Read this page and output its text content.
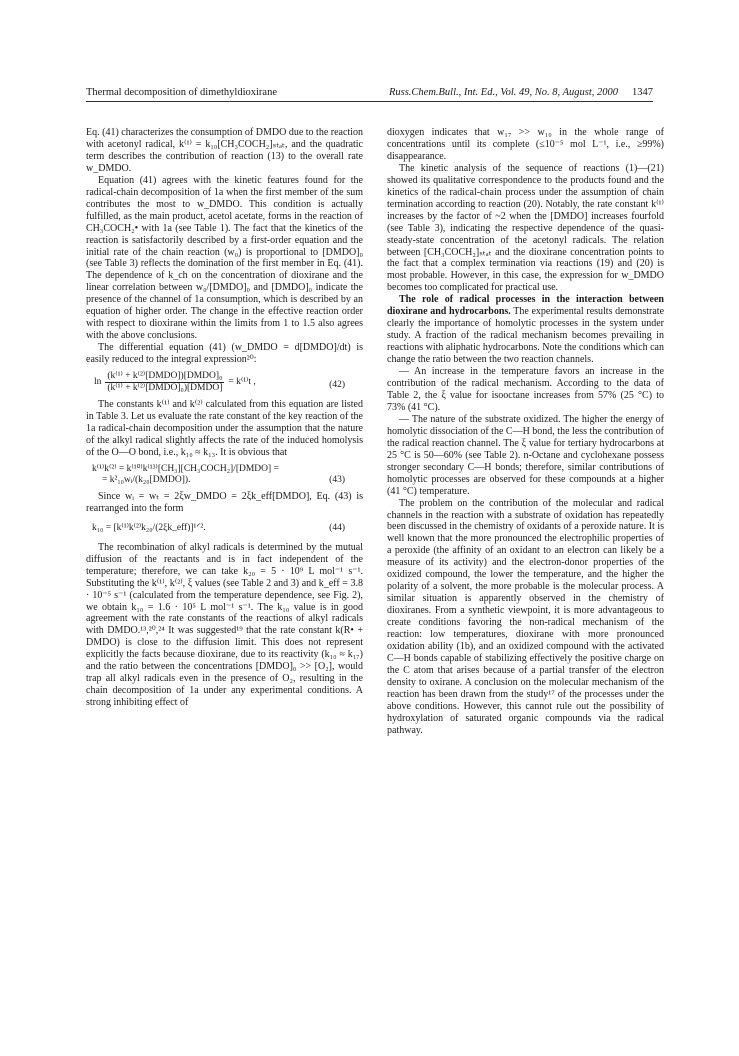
Thermal decomposition of dimethyldioxirane	Russ.Chem.Bull., Int. Ed., Vol. 49, No. 8, August, 2000 1347

Eq. (41) characterizes the consumption of DMDO due to the reaction with acetonyl radical, k⁽¹⁾ = k₁₀[CH₃COCH₂]ₛₜₐₜ, and the quadratic term describes the contribution of reaction (13) to the overall rate w_DMDO.

Equation (41) agrees with the kinetic features found for the radical-chain decomposition of 1a when the first member of the sum contributes the most to w_DMDO. This condition is actually fulfilled, as the main product, acetol acetate, forms in the reaction of CH₃COCH₂• with 1a (see Table 1). The fact that the kinetics of the reaction is satisfactorily described by a first-order equation and the initial rate of the chain reaction (w₀) is proportional to [DMDO]₀ (see Table 3) reflects the domination of the first member in Eq. (41). The dependence of k_ch on the concentration of dioxirane and the linear correlation between w₀/[DMDO]₀ and [DMDO]₀ indicate the presence of the channel of 1a consumption, which is described by an equation of higher order. The change in the effective reaction order with respect to dioxirane within the limits from 1 to 1.5 also agrees with the above conclusions.

The differential equation (41) (w_DMDO = d[DMDO]/dt) is easily reduced to the integral expression²⁰:

$\ln \frac{\text{(k⁽¹⁾ + k⁽²⁾[DMDO])[DMDO]₀}}{\text{(k⁽¹⁾ + k⁽²⁾[DMDO]₀)[DMDO]}} = k^{(1)}t$ ,	(42)

The constants k⁽¹⁾ and k⁽²⁾ calculated from this equation are listed in Table 3. Let us evaluate the rate constant of the key reaction of the 1a radical-chain decomposition under the assumption that the nature of the alkyl radical slightly affects the rate of the induced homolysis of the O—O bond, i.e., k₁₀ ≈ k₁₃. It is obvious that

k⁽¹⁾k⁽²⁾ = k⁽¹⁰⁾k⁽¹³⁾[CH₃][CH₃COCH₂]/[DMDO] =
= k²₁₀wᵢ/(k₂₀[DMDO]).	(43)

Since wᵢ = wₜ = 2ξw_DMDO = 2ξk_eff[DMDO], Eq. (43) is rearranged into the form

k₁₀ = [k⁽¹⁾k⁽²⁾k₂₀/(2ξk_eff)]¹ᐟ².	(44)

The recombination of alkyl radicals is determined by the mutual diffusion of the reactants and is in fact independent of the temperature; therefore, we can take k₂₀ = 5 · 10⁹ L mol⁻¹ s⁻¹. Substituting the k⁽¹⁾, k⁽²⁾, ξ values (see Table 2 and 3) and k_eff = 3.8 · 10⁻⁵ s⁻¹ (calculated from the temperature dependence, see Fig. 2), we obtain k₁₀ = 1.6 · 10⁵ L mol⁻¹ s⁻¹. The k₁₀ value is in good agreement with the rate constants of the reactions of alkyl radicals with DMDO.¹³,²⁰,²⁴ It was suggested¹⁹ that the rate constant k(R• + DMDO) is close to the diffusion limit. This does not represent explicitly the facts because dioxirane, due to its reactivity (k₁₀ ≈ k₁₇) and the ratio between the concentrations [DMDO]₀ >> [O₂], would trap all alkyl radicals even in the presence of O₂, resulting in the chain decomposition of 1a under any experimental conditions. A strong inhibiting effect of

dioxygen indicates that w₁₇ >> w₁₀ in the whole range of concentrations until its complete (≤10⁻⁵ mol L⁻¹, i.e., ≥99%) disappearance.

The kinetic analysis of the sequence of reactions (1)—(21) showed its qualitative correspondence to the products found and the kinetics of the radical-chain process under the assumption of chain termination according to reaction (20). Notably, the rate constant k⁽¹⁾ increases by the factor of ~2 when the [DMDO] increases fourfold (see Table 3), indicating the respective dependence of the quasi-steady-state concentration of the acetonyl radicals. The relation between [CH₃COCH₂]ₛₜₐₜ and the dioxirane concentration points to the fact that a complex termination via reactions (19) and (20) is most probable. However, in this case, the expression for w_DMDO becomes too complicated for practical use.

The role of radical processes in the interaction between dioxirane and hydrocarbons. The experimental results demonstrate clearly the importance of homolytic processes in the system under study. A fraction of the radical mechanism becomes prevailing in reactions with aliphatic hydrocarbons. Note the conditions which can change the ratio between the two reaction channels.

— An increase in the temperature favors an increase in the contribution of the radical mechanism. According to the data of Table 2, the ξ value for isooctane increases from 57% (25 °C) to 73% (41 °C).

— The nature of the substrate oxidized. The higher the energy of homolytic dissociation of the C—H bond, the less the contribution of the radical reaction channel. The ξ value for tertiary hydrocarbons at 25 °C is 50—60% (see Table 2). n-Octane and cyclohexane possess stronger secondary C—H bonds; therefore, similar contributions of homolytic processes are observed for these compounds at a higher (41 °C) temperature.

The problem on the contribution of the molecular and radical channels in the reaction with a substrate of oxidation has repeatedly been discussed in the chemistry of oxidants of a peroxide nature. It is well known that the more pronounced the electrophilic properties of a peroxide (the affinity of an oxidant to an electron can likely be a measure of its activity) and the electron-donor properties of the oxidized compound, the lower the temperature, and the higher the polarity of a solvent, the more probable is the molecular process. A similar situation is apparently observed in the chemistry of dioxiranes. From a synthetic viewpoint, it is more advantageous to create conditions favoring the non-radical mechanism of the reaction: low temperatures, dioxirane with more pronounced oxidation ability (1b), and an oxidized compound with the activated C—H bonds capable of stabilizing effectively the positive charge on the C atom that arises because of a partial transfer of the electron density to oxirane. A conclusion on the molecular mechanism of the reaction has been drawn from the study¹⁷ of the processes under the above conditions. However, this cannot rule out the possibility of hydroxylation of saturated organic compounds via the radical pathway.
